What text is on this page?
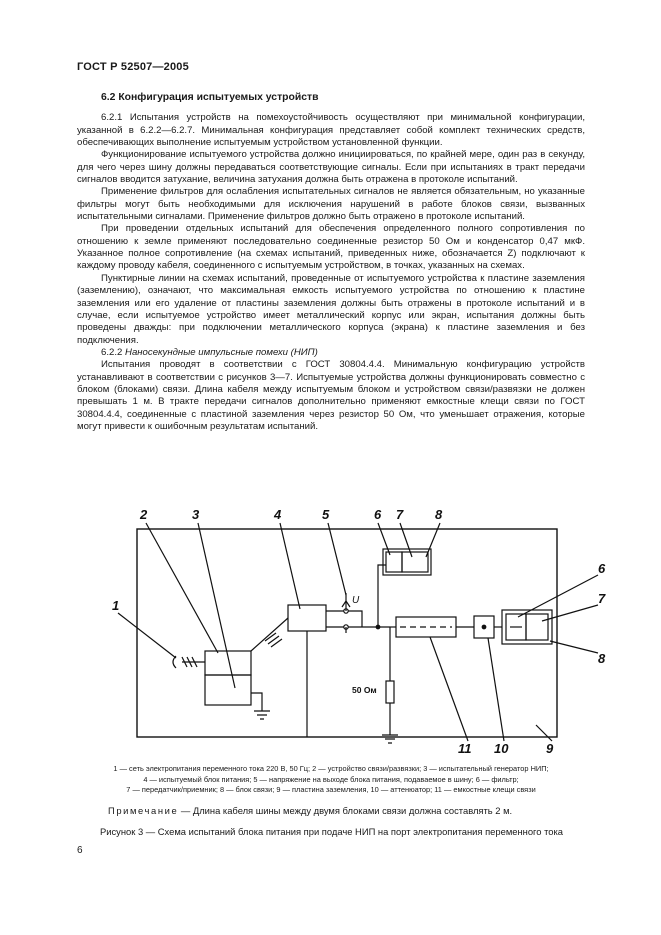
ГОСТ Р 52507—2005

6.2 Конфигурация испытуемых устройств

6.2.1 Испытания устройств на помехоустойчивость осуществляют при минимальной конфигурации, указанной в 6.2.2—6.2.7. Минимальная конфигурация представляет собой комплект технических средств, обеспечивающих выполнение испытуемым устройством установленной функции.

Функционирование испытуемого устройства должно инициироваться, по крайней мере, один раз в секунду, для чего через шину должны передаваться соответствующие сигналы. Если при испытаниях в тракт передачи сигналов вводится затухание, величина затухания должна быть отражена в протоколе испытаний.

Применение фильтров для ослабления испытательных сигналов не является обязательным, но указанные фильтры могут быть необходимыми для исключения нарушений в работе блоков связи, вызванных испытательными сигналами. Применение фильтров должно быть отражено в протоколе испытаний.

При проведении отдельных испытаний для обеспечения определенного полного сопротивления по отношению к земле применяют последовательно соединенные резистор 50 Ом и конденсатор 0,47 мкФ. Указанное полное сопротивление (на схемах испытаний, приведенных ниже, обозначается Z) подключают к каждому проводу кабеля, соединенного с испытуемым устройством, в точках, указанных на схемах.

Пунктирные линии на схемах испытаний, проведенные от испытуемого устройства к пластине заземления (заземлению), означают, что максимальная емкость испытуемого устройства по отношению к пластине заземления или его удаление от пластины заземления должны быть отражены в протоколе испытаний и в случае, если испытуемое устройство имеет металлический корпус или экран, испытания должны быть проведены дважды: при подключении металлического корпуса (экрана) к пластине заземления и без подключения.

6.2.2 Наносекундные импульсные помехи (НИП)

Испытания проводят в соответствии с ГОСТ 30804.4.4. Минимальную конфигурацию устройств устанавливают в соответствии с рисунков 3—7. Испытуемые устройства должны функционировать совместно с блоком (блоками) связи. Длина кабеля между испытуемым блоком и устройством связи/развязки не должен превышать 1 м. В тракте передачи сигналов дополнительно применяют емкостные клещи связи по ГОСТ 30804.4.4, соединенные с пластиной заземления через резистор 50 Ом, что уменьшает отражения, которые могут привести к ошибочным результатам испытаний.

1
2	3	4	5	6 7 8
6
7
8
9
10
11
U
50 Ом
1 — сеть электропитания переменного тока 220 В, 50 Гц; 2 — устройство связи/развязки; 3 — испытательный генератор НИП;
4 — испытуемый блок питания; 5 — напряжение на выходе блока питания, подаваемое в шину; 6 — фильтр;
7 — передатчик/приемник; 8 — блок связи; 9 — пластина заземления, 10 — аттенюатор; 11 — емкостные клещи связи
Примечание — Длина кабеля шины между двумя блоками связи должна составлять 2 м.
Рисунок 3 — Схема испытаний блока питания при подаче НИП на порт электропитания переменного тока
6
